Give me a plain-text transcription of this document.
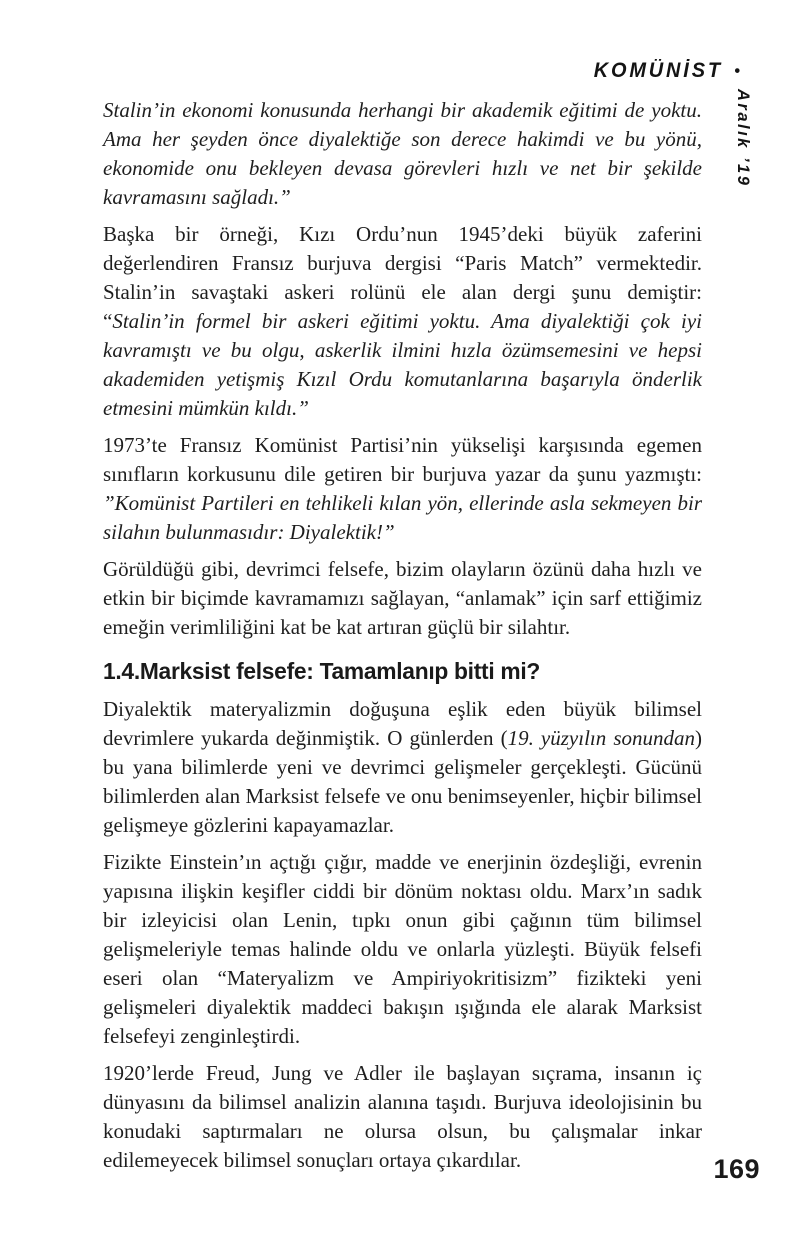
KOMÜNİST •
Aralık ’19

Stalin’in ekonomi konusunda herhangi bir akademik eğitimi de yoktu. Ama her şeyden önce diyalektiğe son derece hakimdi ve bu yönü, ekonomide onu bekleyen devasa görevleri hızlı ve net bir şekilde kavramasını sağladı.”

Başka bir örneği, Kızı Ordu’nun 1945’deki büyük zaferini değerlendiren Fransız burjuva dergisi “Paris Match” vermektedir. Stalin’in savaştaki askeri rolünü ele alan dergi şunu demiştir: “Stalin’in formel bir askeri eğitimi yoktu. Ama diyalektiği çok iyi kavramıştı ve bu olgu, askerlik ilmini hızla özümsemesini ve hepsi akademiden yetişmiş Kızıl Ordu komutanlarına başarıyla önderlik etmesini mümkün kıldı.”

1973’te Fransız Komünist Partisi’nin yükselişi karşısında egemen sınıfların korkusunu dile getiren bir burjuva yazar da şunu yazmıştı: ”Komünist Partileri en tehlikeli kılan yön, ellerinde asla sekmeyen bir silahın bulunmasıdır: Diyalektik!”

Görüldüğü gibi, devrimci felsefe, bizim olayların özünü daha hızlı ve etkin bir biçimde kavramamızı sağlayan, “anlamak” için sarf ettiğimiz emeğin verimliliğini kat be kat artıran güçlü bir silahtır.

1.4.Marksist felsefe: Tamamlanıp bitti mi?

Diyalektik materyalizmin doğuşuna eşlik eden büyük bilimsel devrimlere yukarda değinmiştik. O günlerden (19. yüzyılın sonundan) bu yana bilimlerde yeni ve devrimci gelişmeler gerçekleşti. Gücünü bilimlerden alan Marksist felsefe ve onu benimseyenler, hiçbir bilimsel gelişmeye gözlerini kapayamazlar.

Fizikte Einstein’ın açtığı çığır, madde ve enerjinin özdeşliği, evrenin yapısına ilişkin keşifler ciddi bir dönüm noktası oldu. Marx’ın sadık bir izleyicisi olan Lenin, tıpkı onun gibi çağının tüm bilimsel gelişmeleriyle temas halinde oldu ve onlarla yüzleşti. Büyük felsefi eseri olan “Materyalizm ve Ampiriyokritisizm” fizikteki yeni gelişmeleri diyalektik maddeci bakışın ışığında ele alarak Marksist felsefeyi zenginleştirdi.

1920’lerde Freud, Jung ve Adler ile başlayan sıçrama, insanın iç dünyasını da bilimsel analizin alanına taşıdı. Burjuva ideolojisinin bu konudaki saptırmaları ne olursa olsun, bu çalışmalar inkar edilemeyecek bilimsel sonuçları ortaya çıkardılar.	169
